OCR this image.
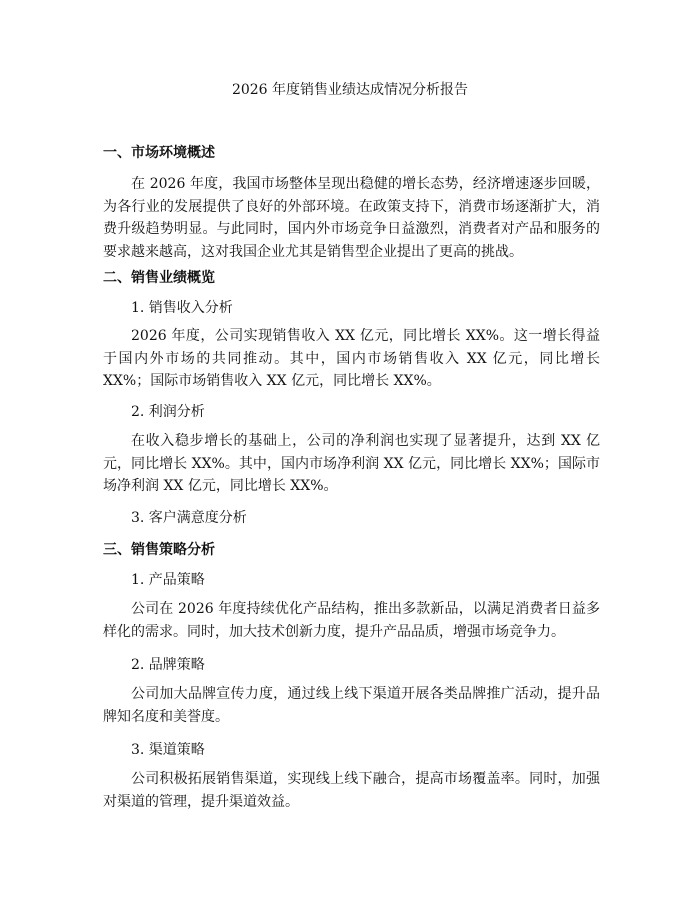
2026 年度销售业绩达成情况分析报告
一、市场环境概述

在 2026 年度，我国市场整体呈现出稳健的增长态势，经济增速逐步回暖，为各行业的发展提供了良好的外部环境。在政策支持下，消费市场逐渐扩大，消费升级趋势明显。与此同时，国内外市场竞争日益激烈，消费者对产品和服务的要求越来越高，这对我国企业尤其是销售型企业提出了更高的挑战。

二、销售业绩概览
1. 销售收入分析

2026 年度，公司实现销售收入 XX 亿元，同比增长 XX%。这一增长得益于国内外市场的共同推动。其中，国内市场销售收入 XX 亿元，同比增长 XX%；国际市场销售收入 XX 亿元，同比增长 XX%。

2. 利润分析

在收入稳步增长的基础上，公司的净利润也实现了显著提升，达到 XX 亿元，同比增长 XX%。其中，国内市场净利润 XX 亿元，同比增长 XX%；国际市场净利润 XX 亿元，同比增长 XX%。

3. 客户满意度分析
三、销售策略分析
1. 产品策略

公司在 2026 年度持续优化产品结构，推出多款新品，以满足消费者日益多样化的需求。同时，加大技术创新力度，提升产品品质，增强市场竞争力。

2. 品牌策略

公司加大品牌宣传力度，通过线上线下渠道开展各类品牌推广活动，提升品牌知名度和美誉度。

3. 渠道策略

公司积极拓展销售渠道，实现线上线下融合，提高市场覆盖率。同时，加强对渠道的管理，提升渠道效益。
